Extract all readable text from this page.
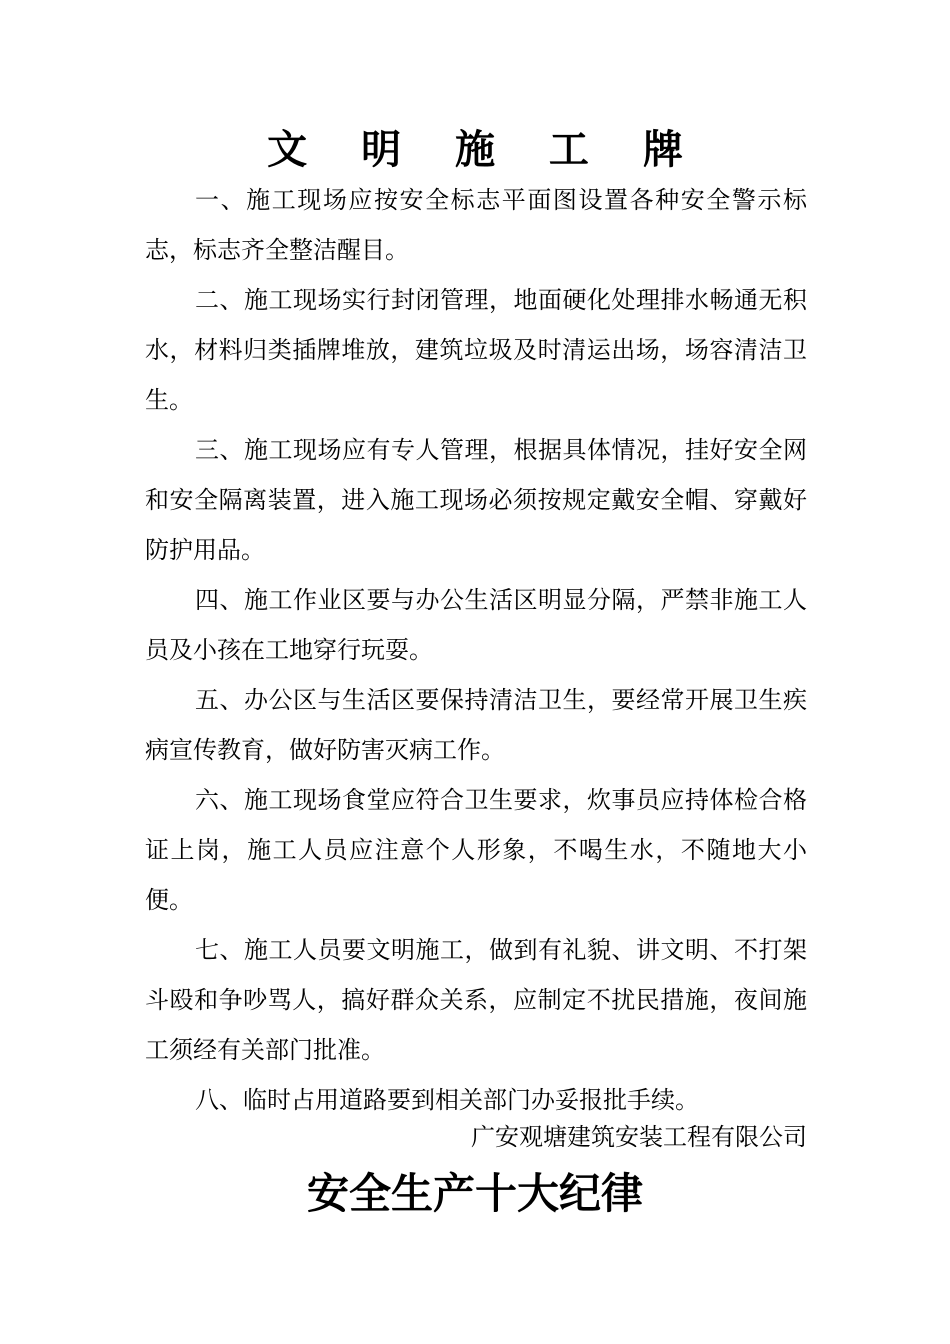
文 明 施 工 牌

一、施工现场应按安全标志平面图设置各种安全警示标志，标志齐全整洁醒目。

二、施工现场实行封闭管理，地面硬化处理排水畅通无积水，材料归类插牌堆放，建筑垃圾及时清运出场，场容清洁卫生。

三、施工现场应有专人管理，根据具体情况，挂好安全网和安全隔离装置，进入施工现场必须按规定戴安全帽、穿戴好防护用品。

四、施工作业区要与办公生活区明显分隔，严禁非施工人员及小孩在工地穿行玩耍。

五、办公区与生活区要保持清洁卫生，要经常开展卫生疾病宣传教育，做好防害灭病工作。

六、施工现场食堂应符合卫生要求，炊事员应持体检合格证上岗，施工人员应注意个人形象，不喝生水，不随地大小便。

七、施工人员要文明施工，做到有礼貌、讲文明、不打架斗殴和争吵骂人，搞好群众关系，应制定不扰民措施，夜间施工须经有关部门批准。

八、临时占用道路要到相关部门办妥报批手续。

广安观塘建筑安装工程有限公司
安全生产十大纪律
